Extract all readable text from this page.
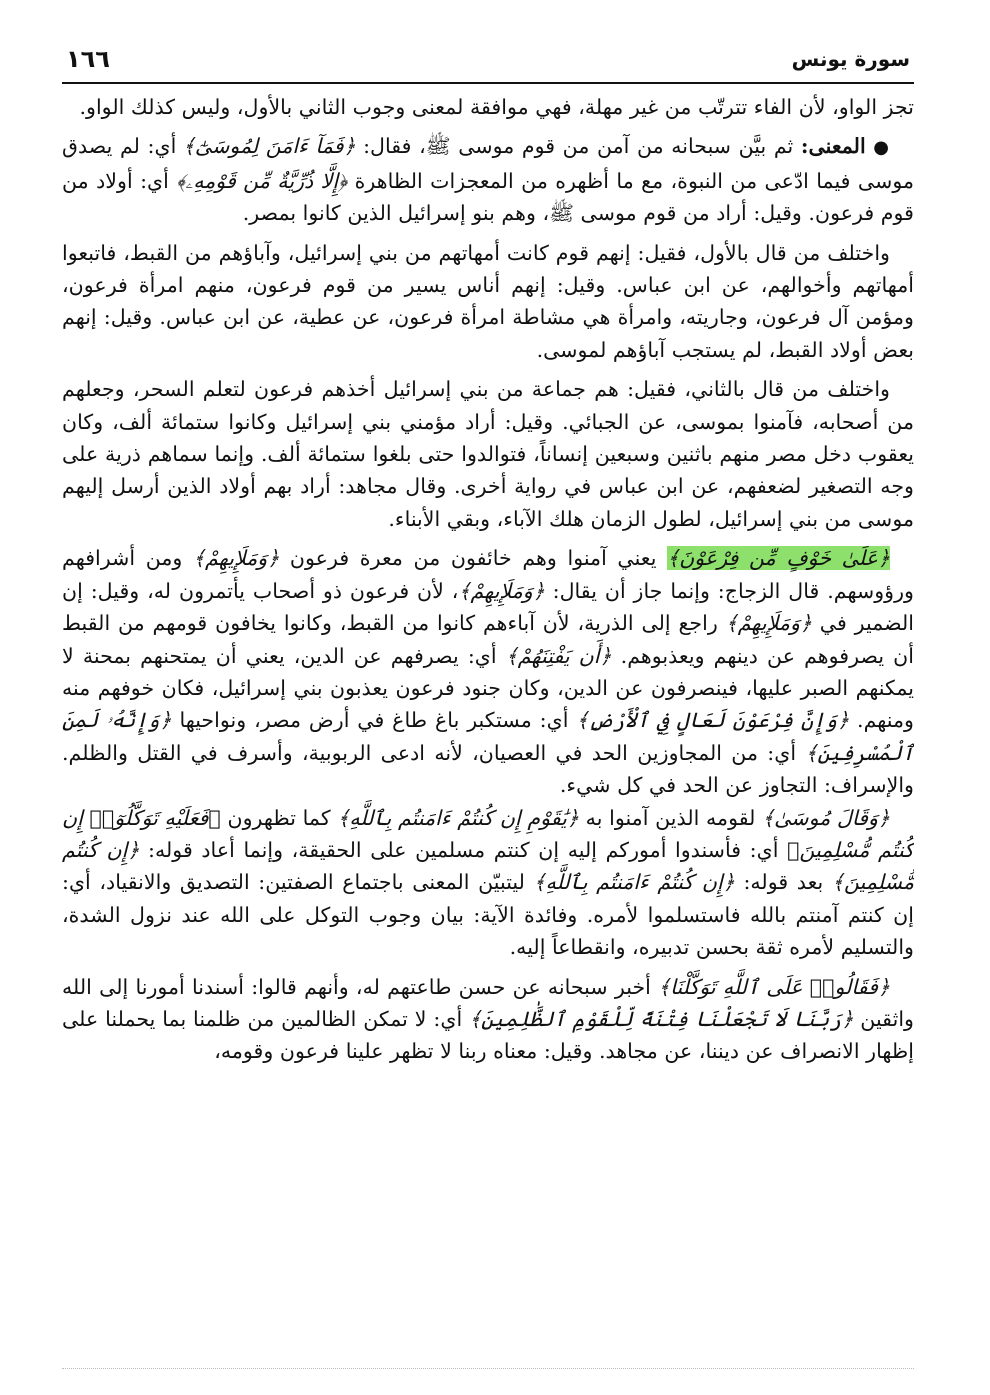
سورة يونس
١٦٦

تجز الواو، لأن الفاء تترتّب من غير مهلة، فهي موافقة لمعنى وجوب الثاني بالأول، وليس كذلك الواو.

● المعنى: ثم بيَّن سبحانه من آمن من قوم موسى ﷺ، فقال: ﴿فَمَآ ءَامَنَ لِمُوسَىٰٓ﴾ أي: لم يصدق موسى فيما ادّعى من النبوة، مع ما أظهره من المعجزات الظاهرة ﴿إِلَّا ذُرِّيَّةٌ مِّن قَوْمِهِۦ﴾ أي: أولاد من قوم فرعون. وقيل: أراد من قوم موسى ﷺ، وهم بنو إسرائيل الذين كانوا بمصر.

واختلف من قال بالأول، فقيل: إنهم قوم كانت أمهاتهم من بني إسرائيل، وآباؤهم من القبط، فاتبعوا أمهاتهم وأخوالهم، عن ابن عباس. وقيل: إنهم أناس يسير من قوم فرعون، منهم امرأة فرعون، ومؤمن آل فرعون، وجاريته، وامرأة هي مشاطة امرأة فرعون، عن عطية، عن ابن عباس. وقيل: إنهم بعض أولاد القبط، لم يستجب آباؤهم لموسى.

واختلف من قال بالثاني، فقيل: هم جماعة من بني إسرائيل أخذهم فرعون لتعلم السحر، وجعلهم من أصحابه، فآمنوا بموسى، عن الجبائي. وقيل: أراد مؤمني بني إسرائيل وكانوا ستمائة ألف، وكان يعقوب دخل مصر منهم باثنين وسبعين إنساناً، فتوالدوا حتى بلغوا ستمائة ألف. وإنما سماهم ذرية على وجه التصغير لضعفهم، عن ابن عباس في رواية أخرى. وقال مجاهد: أراد بهم أولاد الذين أرسل إليهم موسى من بني إسرائيل، لطول الزمان هلك الآباء، وبقي الأبناء.

﴿عَلَىٰ خَوْفٍ مِّن فِرْعَوْنَ﴾ يعني آمنوا وهم خائفون من معرة فرعون ﴿وَمَلَإِيهِمْ﴾ ومن أشرافهم ورؤوسهم. قال الزجاج: وإنما جاز أن يقال: ﴿وَمَلَإِيهِمْ﴾، لأن فرعون ذو أصحاب يأتمرون له، وقيل: إن الضمير في ﴿وَمَلَإِيهِمْ﴾ راجع إلى الذرية، لأن آباءهم كانوا من القبط، وكانوا يخافون قومهم من القبط أن يصرفوهم عن دينهم ويعذبوهم. ﴿أَن يَفْتِنَهُمْ﴾ أي: يصرفهم عن الدين، يعني أن يمتحنهم بمحنة لا يمكنهم الصبر عليها، فينصرفون عن الدين، وكان جنود فرعون يعذبون بني إسرائيل، فكان خوفهم منه ومنهم. ﴿وَإِنَّ فِرْعَوْنَ لَعَالٍ فِي ٱلْأَرْضِ﴾ أي: مستكبر باغ طاغ في أرض مصر، ونواحيها ﴿وَإِنَّهُۥ لَمِنَ ٱلْمُسْرِفِينَ﴾ أي: من المجاوزين الحد في العصيان، لأنه ادعى الربوبية، وأسرف في القتل والظلم. والإسراف: التجاوز عن الحد في كل شيء.

﴿وَقَالَ مُوسَىٰ﴾ لقومه الذين آمنوا به ﴿يَٰقَوْمِ إِن كُنتُمْ ءَامَنتُم بِٱللَّهِ﴾ كما تظهرون ﴿فَعَلَيْهِ تَوَكَّلُوٓا۟ إِن كُنتُم مُّسْلِمِينَ﴾ أي: فأسندوا أموركم إليه إن كنتم مسلمين على الحقيقة، وإنما أعاد قوله: ﴿إِن كُنتُم مُّسْلِمِينَ﴾ بعد قوله: ﴿إِن كُنتُمْ ءَامَنتُم بِٱللَّهِ﴾ ليتبيّن المعنى باجتماع الصفتين: التصديق والانقياد، أي: إن كنتم آمنتم بالله فاستسلموا لأمره. وفائدة الآية: بيان وجوب التوكل على الله عند نزول الشدة، والتسليم لأمره ثقة بحسن تدبيره، وانقطاعاً إليه.

﴿فَقَالُوا۟ عَلَى ٱللَّهِ تَوَكَّلْنَا﴾ أخبر سبحانه عن حسن طاعتهم له، وأنهم قالوا: أسندنا أمورنا إلى الله واثقين ﴿رَبَّنَا لَا تَجْعَلْنَا فِتْنَةً لِّلْقَوْمِ ٱلظَّٰلِمِينَ﴾ أي: لا تمكن الظالمين من ظلمنا بما يحملنا على إظهار الانصراف عن ديننا، عن مجاهد. وقيل: معناه ربنا لا تظهر علينا فرعون وقومه،
